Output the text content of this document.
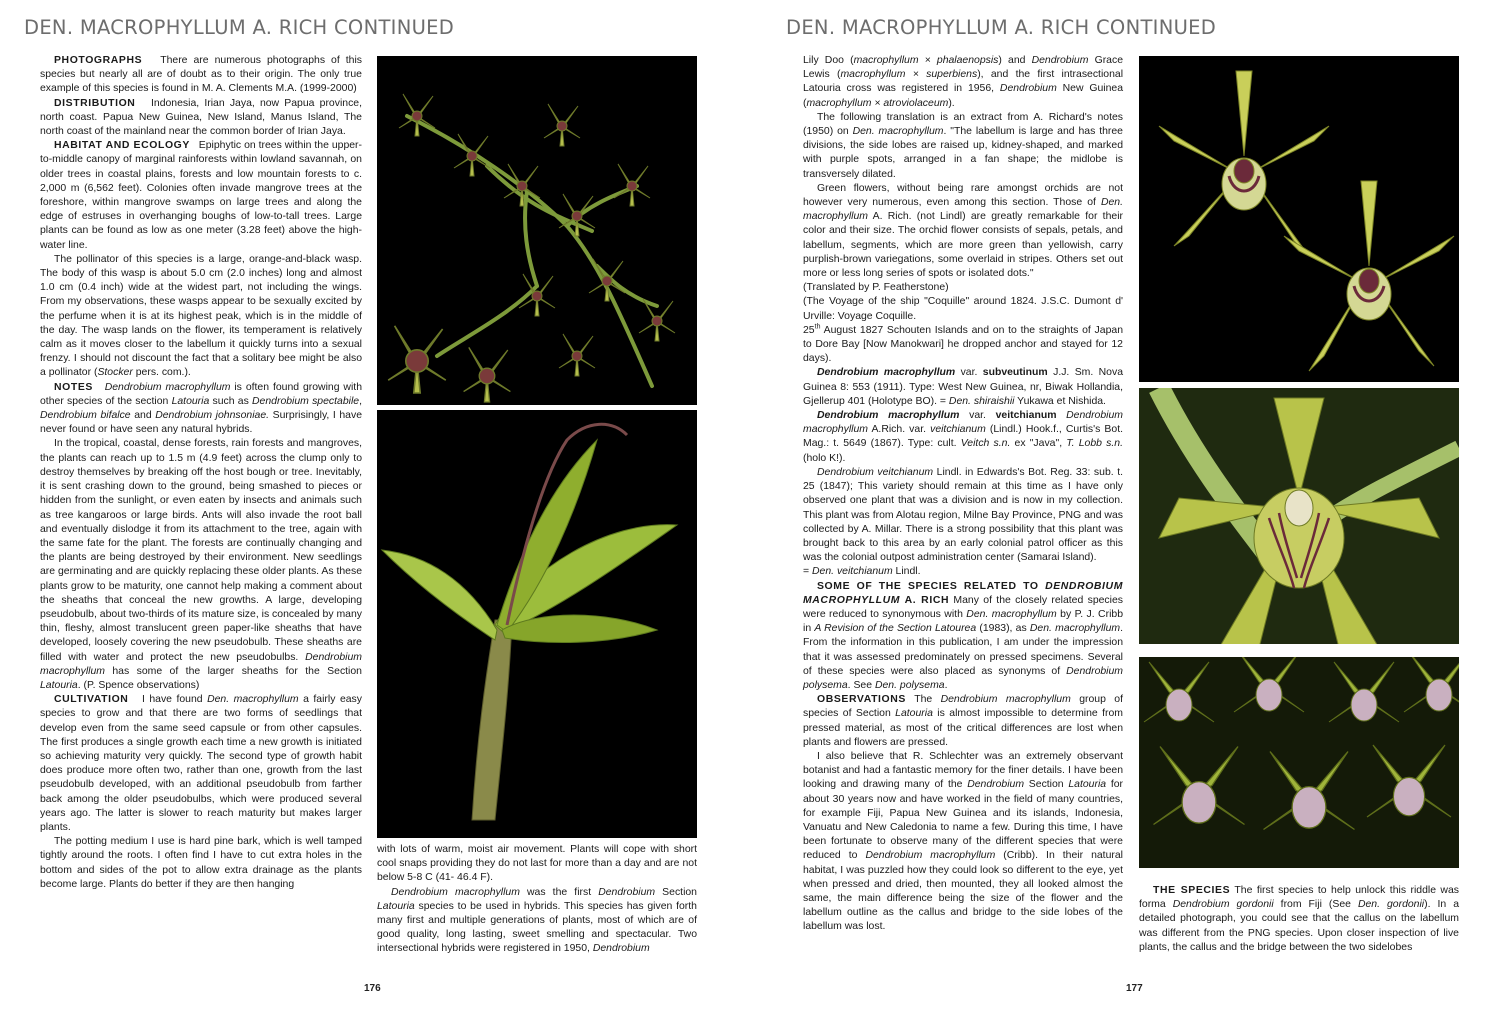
DEN. MACROPHYLLUM A. RICH CONTINUED

PHOTOGRAPHS There are numerous photographs of this species but nearly all are of doubt as to their origin. The only true example of this species is found in M. A. Clements M.A. (1999-2000)

DISTRIBUTION Indonesia, Irian Jaya, now Papua province, north coast. Papua New Guinea, New Island, Manus Island, The north coast of the mainland near the common border of Irian Jaya.

HABITAT AND ECOLOGY Epiphytic on trees within the upper-to-middle canopy of marginal rainforests within lowland savannah, on older trees in coastal plains, forests and low mountain forests to c. 2,000 m (6,562 feet). Colonies often invade mangrove trees at the foreshore, within mangrove swamps on large trees and along the edge of estruses in overhanging boughs of low-to-tall trees. Large plants can be found as low as one meter (3.28 feet) above the high-water line.

The pollinator of this species is a large, orange-and-black wasp. The body of this wasp is about 5.0 cm (2.0 inches) long and almost 1.0 cm (0.4 inch) wide at the widest part, not including the wings. From my observations, these wasps appear to be sexually excited by the perfume when it is at its highest peak, which is in the middle of the day. The wasp lands on the flower, its temperament is relatively calm as it moves closer to the labellum it quickly turns into a sexual frenzy. I should not discount the fact that a solitary bee might be also a pollinator (Stocker pers. com.).

NOTES Dendrobium macrophyllum is often found growing with other species of the section Latouria such as Dendrobium spectabile, Dendrobium bifalce and Dendrobium johnsoniae. Surprisingly, I have never found or have seen any natural hybrids.

In the tropical, coastal, dense forests, rain forests and mangroves, the plants can reach up to 1.5 m (4.9 feet) across the clump only to destroy themselves by breaking off the host bough or tree. Inevitably, it is sent crashing down to the ground, being smashed to pieces or hidden from the sunlight, or even eaten by insects and animals such as tree kangaroos or large birds. Ants will also invade the root ball and eventually dislodge it from its attachment to the tree, again with the same fate for the plant. The forests are continually changing and the plants are being destroyed by their environment. New seedlings are germinating and are quickly replacing these older plants. As these plants grow to be maturity, one cannot help making a comment about the sheaths that conceal the new growths. A large, developing pseudobulb, about two-thirds of its mature size, is concealed by many thin, fleshy, almost translucent green paper-like sheaths that have developed, loosely covering the new pseudobulb. These sheaths are filled with water and protect the new pseudobulbs. Dendrobium macrophyllum has some of the larger sheaths for the Section Latouria. (P. Spence observations)

CULTIVATION I have found Den. macrophyllum a fairly easy species to grow and that there are two forms of seedlings that develop even from the same seed capsule or from other capsules. The first produces a single growth each time a new growth is initiated so achieving maturity very quickly. The second type of growth habit does produce more often two, rather than one, growth from the last pseudobulb developed, with an additional pseudobulb from farther back among the older pseudobulbs, which were produced several years ago. The latter is slower to reach maturity but makes larger plants.

The potting medium I use is hard pine bark, which is well tamped tightly around the roots. I often find I have to cut extra holes in the bottom and sides of the pot to allow extra drainage as the plants become large. Plants do better if they are then hanging

with lots of warm, moist air movement. Plants will cope with short cool snaps providing they do not last for more than a day and are not below 5-8 C (41- 46.4 F).

Dendrobium macrophyllum was the first Dendrobium Section Latouria species to be used in hybrids. This species has given forth many first and multiple generations of plants, most of which are of good quality, long lasting, sweet smelling and spectacular. Two intersectional hybrids were registered in 1950, Dendrobium

176
DEN. MACROPHYLLUM A. RICH CONTINUED

Lily Doo (macrophyllum × phalaenopsis) and Dendrobium Grace Lewis (macrophyllum × superbiens), and the first intrasectional Latouria cross was registered in 1956, Dendrobium New Guinea (macrophyllum × atroviolaceum).

The following translation is an extract from A. Richard's notes (1950) on Den. macrophyllum. "The labellum is large and has three divisions, the side lobes are raised up, kidney-shaped, and marked with purple spots, arranged in a fan shape; the midlobe is transversely dilated.

Green flowers, without being rare amongst orchids are not however very numerous, even among this section. Those of Den. macrophyllum A. Rich. (not Lindl) are greatly remarkable for their color and their size. The orchid flower consists of sepals, petals, and labellum, segments, which are more green than yellowish, carry purplish-brown variegations, some overlaid in stripes. Others set out more or less long series of spots or isolated dots."

(Translated by P. Featherstone)

(The Voyage of the ship "Coquille" around 1824. J.S.C. Dumont d' Urville: Voyage Coquille.

25th August 1827 Schouten Islands and on to the straights of Japan to Dore Bay [Now Manokwari] he dropped anchor and stayed for 12 days).

Dendrobium macrophyllum var. subveutinum J.J. Sm. Nova Guinea 8: 553 (1911). Type: West New Guinea, nr, Biwak Hollandia, Gjellerup 401 (Holotype BO). = Den. shiraishii Yukawa et Nishida.

Dendrobium macrophyllum var. veitchianum Dendrobium macrophyllum A.Rich. var. veitchianum (Lindl.) Hook.f., Curtis's Bot. Mag.: t. 5649 (1867). Type: cult. Veitch s.n. ex "Java", T. Lobb s.n. (holo K!).

Dendrobium veitchianum Lindl. in Edwards's Bot. Reg. 33: sub. t. 25 (1847); This variety should remain at this time as I have only observed one plant that was a division and is now in my collection. This plant was from Alotau region, Milne Bay Province, PNG and was collected by A. Millar. There is a strong possibility that this plant was brought back to this area by an early colonial patrol officer as this was the colonial outpost administration center (Samarai Island).

= Den. veitchianum Lindl.

SOME OF THE SPECIES RELATED TO DENDROBIUM MACROPHYLLUM A. RICH Many of the closely related species were reduced to synonymous with Den. macrophyllum by P. J. Cribb in A Revision of the Section Latourea (1983), as Den. macrophyllum. From the information in this publication, I am under the impression that it was assessed predominately on pressed specimens. Several of these species were also placed as synonyms of Dendrobium polysema. See Den. polysema.

OBSERVATIONS The Dendrobium macrophyllum group of species of Section Latouria is almost impossible to determine from pressed material, as most of the critical differences are lost when plants and flowers are pressed.

I also believe that R. Schlechter was an extremely observant botanist and had a fantastic memory for the finer details. I have been looking and drawing many of the Dendrobium Section Latouria for about 30 years now and have worked in the field of many countries, for example Fiji, Papua New Guinea and its islands, Indonesia, Vanuatu and New Caledonia to name a few. During this time, I have been fortunate to observe many of the different species that were reduced to Dendrobium macrophyllum (Cribb). In their natural habitat, I was puzzled how they could look so different to the eye, yet when pressed and dried, then mounted, they all looked almost the same, the main difference being the size of the flower and the labellum outline as the callus and bridge to the side lobes of the labellum was lost.

THE SPECIES The first species to help unlock this riddle was forma Dendrobium gordonii from Fiji (See Den. gordonii). In a detailed photograph, you could see that the callus on the labellum was different from the PNG species. Upon closer inspection of live plants, the callus and the bridge between the two sidelobes

177
